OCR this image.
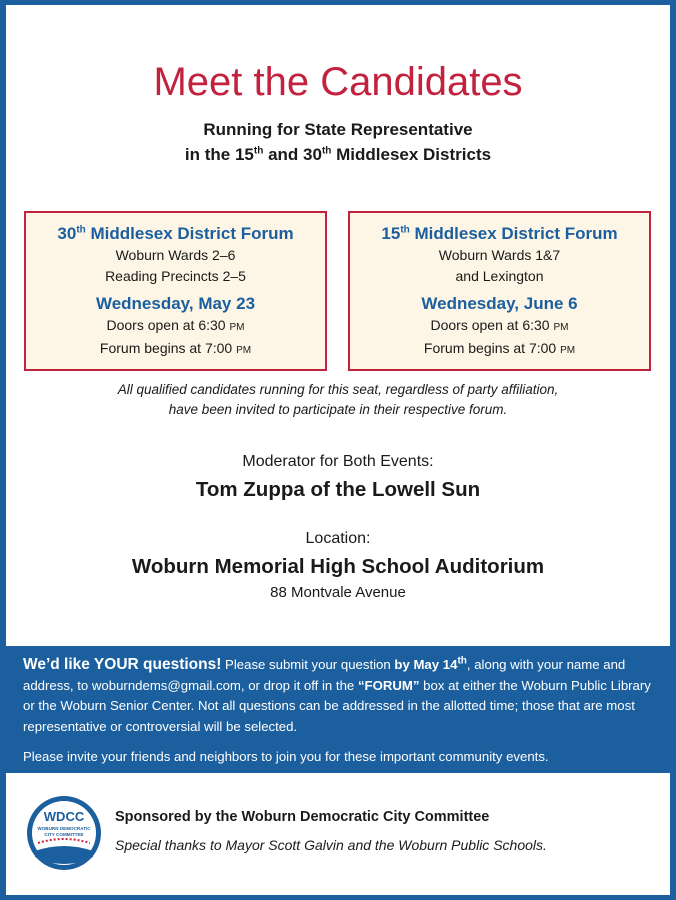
Meet the Candidates
Running for State Representative
in the 15th and 30th Middlesex Districts
30th Middlesex District Forum
Woburn Wards 2–6
Reading Precincts 2–5
Wednesday, May 23
Doors open at 6:30 PM
Forum begins at 7:00 PM
15th Middlesex District Forum
Woburn Wards 1&7
and Lexington
Wednesday, June 6
Doors open at 6:30 PM
Forum begins at 7:00 PM
All qualified candidates running for this seat, regardless of party affiliation,
have been invited to participate in their respective forum.
Moderator for Both Events:
Tom Zuppa of the Lowell Sun
Location:
Woburn Memorial High School Auditorium
88 Montvale Avenue
We’d like YOUR questions! Please submit your question by May 14th, along with your name and address, to woburndems@gmail.com, or drop it off in the “FORUM” box at either the Woburn Public Library or the Woburn Senior Center. Not all questions can be addressed in the allotted time; those that are most representative or controversial will be selected.
Please invite your friends and neighbors to join you for these important community events.
WDCC
WOBURN DEMOCRATIC
CITY COMMITTEE
Sponsored by the Woburn Democratic City Committee
Special thanks to Mayor Scott Galvin and the Woburn Public Schools.
